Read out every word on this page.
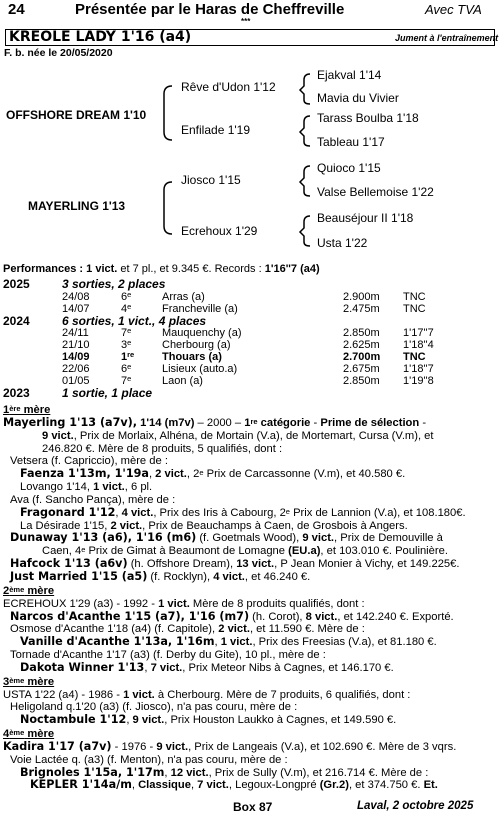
24	Présentée par le Haras de Cheffreville	Avec TVA
***
KREOLE LADY 1'16 (a4)	Jument à l'entraînement
F. b. née le 20/05/2020
OFFSHORE DREAM 1'10
Rêve d'Udon 1'12
Enfilade 1'19
Ejakval 1'14
Mavia du Vivier
Tarass Boulba 1'18
Tableau 1'17
MAYERLING 1'13
Jiosco 1'15
Ecrehoux 1'29
Quioco 1'15
Valse Bellemoise 1'22
Beauséjour II 1'18
Usta 1'22
Performances : 1 vict. et 7 pl., et 9.345 €. Records : 1'16''7 (a4)
2025	3 sorties, 2 places
24/08	6e	Arras (a)	2.900m TNC
14/07	4e	Francheville (a)	2.475m TNC
2024	6 sorties, 1 vict., 4 places
24/11	7e	Mauquenchy (a)	2.850m 1'17''7
21/10	3e	Cherbourg (a)	2.625m 1'18''4
14/09	1re	Thouars (a)	2.700m TNC
22/06	6e	Lisieux (auto.a)	2.675m 1'18''7
01/05	7e	Laon (a)	2.850m 1'19''8
2023	1 sortie, 1 place
1ère mère
Mayerling 1'13 (a7v), 1'14 (m7v) – 2000 – 1re catégorie - Prime de sélection -
9 vict., Prix de Morlaix, Alhéna, de Mortain (V.a), de Mortemart, Cursa (V.m), et
246.820 €. Mère de 8 produits, 5 qualifiés, dont :
Vetsera (f. Capriccio), mère de :
Faenza 1'13m, 1'19a, 2 vict., 2e Prix de Carcassonne (V.m), et 40.580 €.
Lovango 1'14, 1 vict., 6 pl.
Ava (f. Sancho Pança), mère de :
Fragonard 1'12, 4 vict., Prix des Iris à Cabourg, 2e Prix de Lannion (V.a), et 108.180€.
La Désirade 1'15, 2 vict., Prix de Beauchamps à Caen, de Grosbois à Angers.
Dunaway 1'13 (a6), 1'16 (m6) (f. Goetmals Wood), 9 vict., Prix de Demouville à
Caen, 4e Prix de Gimat à Beaumont de Lomagne (EU.a), et 103.010 €. Poulinière.
Hafcock 1'13 (a6v) (h. Offshore Dream), 13 vict., P Jean Monier à Vichy, et 149.225€.
Just Married 1'15 (a5) (f. Rocklyn), 4 vict., et 46.240 €.
2ème mère
ECREHOUX 1'29 (a3) - 1992 - 1 vict. Mère de 8 produits qualifiés, dont :
Narcos d'Acanthe 1'15 (a7), 1'16 (m7) (h. Corot), 8 vict., et 142.240 €. Exporté.
Osmose d'Acanthe 1'18 (a4) (f. Capitole), 2 vict., et 11.590 €. Mère de :
Vanille d'Acanthe 1'13a, 1'16m, 1 vict., Prix des Freesias (V.a), et 81.180 €.
Tornade d'Acanthe 1'17 (a3) (f. Derby du Gite), 10 pl., mère de :
Dakota Winner 1'13, 7 vict., Prix Meteor Nibs à Cagnes, et 146.170 €.
3ème mère
USTA 1'22 (a4) - 1986 - 1 vict. à Cherbourg. Mère de 7 produits, 6 qualifiés, dont :
Heligoland q.1'20 (a3) (f. Jiosco), n'a pas couru, mère de :
Noctambule 1'12, 9 vict., Prix Houston Laukko à Cagnes, et 149.590 €.
4ème mère
Kadira 1'17 (a7v) - 1976 - 9 vict., Prix de Langeais (V.a), et 102.690 €. Mère de 3 vqrs.
Voie Lactée q. (a3) (f. Menton), n'a pas couru, mère de :
Brignoles 1'15a, 1'17m, 12 vict., Prix de Sully (V.m), et 216.714 €. Mère de :
KEPLER 1'14a/m, Classique, 7 vict., Legoux-Longpré (Gr.2), et 374.750 €. Et.
Box 87	Laval, 2 octobre 2025
